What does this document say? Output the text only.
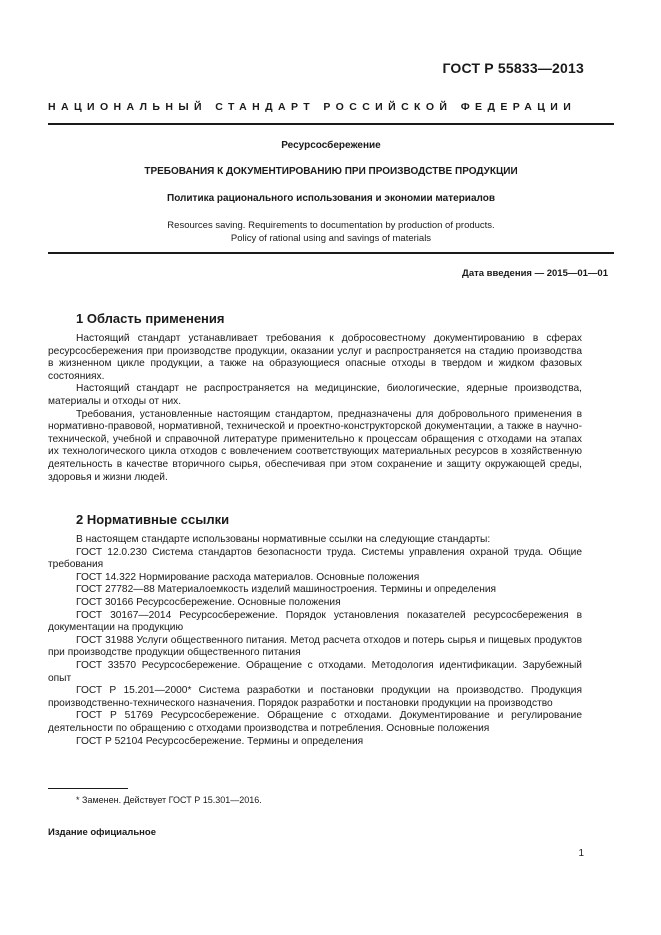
ГОСТ Р 55833—2013
НАЦИОНАЛЬНЫЙ СТАНДАРТ РОССИЙСКОЙ ФЕДЕРАЦИИ
Ресурсосбережение
ТРЕБОВАНИЯ К ДОКУМЕНТИРОВАНИЮ ПРИ ПРОИЗВОДСТВЕ ПРОДУКЦИИ
Политика рационального использования и экономии материалов
Resources saving. Requirements to documentation by production of products.
Policy of rational using and savings of materials
Дата введения — 2015—01—01
1 Область применения

Настоящий стандарт устанавливает требования к добросовестному документированию в сферах ресурсосбережения при производстве продукции, оказании услуг и распространяется на стадию производства в жизненном цикле продукции, а также на образующиеся опасные отходы в твердом и жидком фазовых состояниях.

Настоящий стандарт не распространяется на медицинские, биологические, ядерные производства, материалы и отходы от них.

Требования, установленные настоящим стандартом, предназначены для добровольного применения в нормативно-правовой, нормативной, технической и проектно-конструкторской документации, а также в научно-технической, учебной и справочной литературе применительно к процессам обращения с отходами на этапах их технологического цикла отходов с вовлечением соответствующих материальных ресурсов в хозяйственную деятельность в качестве вторичного сырья, обеспечивая при этом сохранение и защиту окружающей среды, здоровья и жизни людей.

2 Нормативные ссылки

В настоящем стандарте использованы нормативные ссылки на следующие стандарты:

ГОСТ 12.0.230 Система стандартов безопасности труда. Системы управления охраной труда. Общие требования

ГОСТ 14.322 Нормирование расхода материалов. Основные положения

ГОСТ 27782—88 Материалоемкость изделий машиностроения. Термины и определения

ГОСТ 30166 Ресурсосбережение. Основные положения

ГОСТ 30167—2014 Ресурсосбережение. Порядок установления показателей ресурсосбережения в документации на продукцию

ГОСТ 31988 Услуги общественного питания. Метод расчета отходов и потерь сырья и пищевых продуктов при производстве продукции общественного питания

ГОСТ 33570 Ресурсосбережение. Обращение с отходами. Методология идентификации. Зарубежный опыт

ГОСТ Р 15.201—2000* Система разработки и постановки продукции на производство. Продукция производственно-технического назначения. Порядок разработки и постановки продукции на производство

ГОСТ Р 51769 Ресурсосбережение. Обращение с отходами. Документирование и регулирование деятельности по обращению с отходами производства и потребления. Основные положения

ГОСТ Р 52104 Ресурсосбережение. Термины и определения

* Заменен. Действует ГОСТ Р 15.301—2016.
Издание официальное
1
